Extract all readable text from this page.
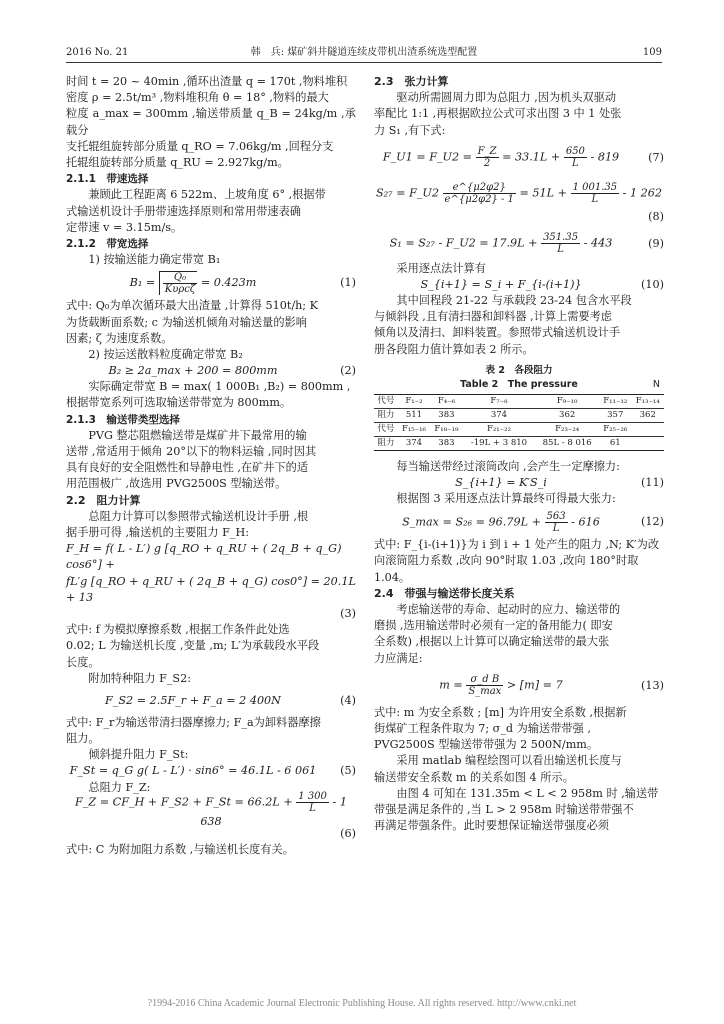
2016 No. 21	韩　兵: 煤矿斜井隧道连续皮带机出渣系统选型配置	109

时间 t = 20 ~ 40min ,循环出渣量 q = 170t ,物料堆积

密度 ρ = 2.5t/m³ ,物料堆积角 θ = 18° ,物料的最大

粒度 a_max = 300mm ,输送带质量 q_B = 24kg/m ,承载分

支托辊组旋转部分质量 q_RO = 7.06kg/m ,回程分支

托辊组旋转部分质量 q_RU = 2.927kg/m。

2.1.1　带速选择

兼顾此工程距离 6 522m、上坡角度 6° ,根据带

式输送机设计手册带速选择原则和常用带速表确

定带速 v = 3.15m/s。

2.1.2　带宽选择

1) 按输送能力确定带宽 B₁

$B_1 = \frac{\text{Q₀}}{\text{Kυρcζ}} = 0.423m$	(1)

式中: Q₀为单次循环最大出渣量 ,计算得 510t/h; K

为货载断面系数; c 为输送机倾角对输送量的影响

因素; ζ 为速度系数。

2) 按运送散料粒度确定带宽 B₂

B₂ ≥ 2a_max + 200 = 800mm	(2)

实际确定带宽 B = max( 1 000B₁ ,B₂) = 800mm ,

根据带宽系列可选取输送带带宽为 800mm。

2.1.3　输送带类型选择

PVG 整芯阻燃输送带是煤矿井下最常用的输

送带 ,常适用于倾角 20°以下的物料运输 ,同时因其

具有良好的安全阻燃性和导静电性 ,在矿井下的适

用范围极广 ,故选用 PVG2500S 型输送带。

2.2　阻力计算

总阻力计算可以参照带式输送机设计手册 ,根

据手册可得 ,输送机的主要阻力 F_H:

F_H = f( L - L′) g [q_RO + q_RU + ( 2q_B + q_G) cos6°] +

fL′g [q_RO + q_RU + ( 2q_B + q_G) cos0°] = 20.1L + 13

(3)

式中: f 为模拟摩擦系数 ,根据工作条件此处选

0.02; L 为输送机长度 ,变量 ,m; L′为承载段水平段

长度。

附加特种阻力 F_S2:

F_S2 = 2.5F_r + F_a = 2 400N	(4)

式中: F_r为输送带清扫器摩擦力; F_a为卸料器摩擦

阻力。

倾斜提升阻力 F_St:

F_St = q_G g( L - L′) · sin6° = 46.1L - 6 061	(5)

总阻力 F_Z:

F_Z = CF_H + F_S2 + F_St = $66.2L + \frac{1 300}{L} - 1$ 638

(6)

式中: C 为附加阻力系数 ,与输送机长度有关。

2.3　张力计算

驱动所需圆周力即为总阻力 ,因为机头双驱动

率配比 1:1 ,再根据欧拉公式可求出图 3 中 1 处张

力 S₁ ,有下式:

F_U1 = F_U2 = $\frac{F\_Z}{2} = 33.1L + \frac{650}{L} - 819$	(7)
S₂₇ = F_U2 $\frac{e\^{}\{\mu 2\varphi 2\}}{e\^{}\{\mu 2\varphi 2\} - 1} = 51L + \frac{1 001.35}{L} - 1$ 262

(8)

S₁ = S₂₇ - F_U2 = $17.9L + \frac{351.35}{L} - 443$	(9)

采用逐点法计算有

S_{i+1} = S_i + F_{i-(i+1)}	(10)

其中回程段 21-22 与承载段 23-24 包含水平段

与倾斜段 ,且有清扫器和卸料器 ,计算上需要考虑

倾角以及清扫、卸料装置。参照带式输送机设计手

册各段阻力值计算如表 2 所示。

表 2　各段阻力

Table 2　The pressure	N

代号	F₁₋₂	F₄₋₆	F₇₋₈	F₉₋₁₀	F₁₁₋₁₂	F₁₃₋₁₄
阻力	511	383	374	362	357	362
代号	F₁₅₋₁₆	F₁₈₋₁₉	F₂₁₋₂₂	F₂₃₋₂₄	F₂₅₋₂₆	
阻力	374	383	-19L + 3 810	85L - 8 016	61	

每当输送带经过滚筒改向 ,会产生一定摩擦力:

S_{i+1} = K′S_i	(11)

根据图 3 采用逐点法计算最终可得最大张力:

S_max = $S_{26} = 96.79L + \frac{563}{L} - 616$	(12)

式中: F_{i-(i+1)}为 i 到 i + 1 处产生的阻力 ,N; K′为改

向滚筒阻力系数 ,改向 90°时取 1.03 ,改向 180°时取

1.04。

2.4　带强与输送带长度关系

考虑输送带的寿命、起动时的应力、输送带的

磨损 ,选用输送带时必须有一定的备用能力( 即安

全系数) ,根据以上计算可以确定输送带的最大张

力应满足:

$m = \frac{\text{σ\_d B}}{S\_\max} > [m] = 7$	(13)

式中: m 为安全系数 ; [m] 为许用安全系数 ,根据新

街煤矿工程条件取为 7; σ_d 为输送带带强 ,

PVG2500S 型输送带带强为 2 500N/mm。

采用 matlab 编程绘图可以看出输送机长度与

输送带安全系数 m 的关系如图 4 所示。

由图 4 可知在 131.35m < L < 2 958m 时 ,输送带

带强是满足条件的 ,当 L > 2 958m 时输送带带强不

再满足带强条件。此时要想保证输送带强度必须

?1994-2016 China Academic Journal Electronic Publishing House. All rights reserved. http://www.cnki.net
